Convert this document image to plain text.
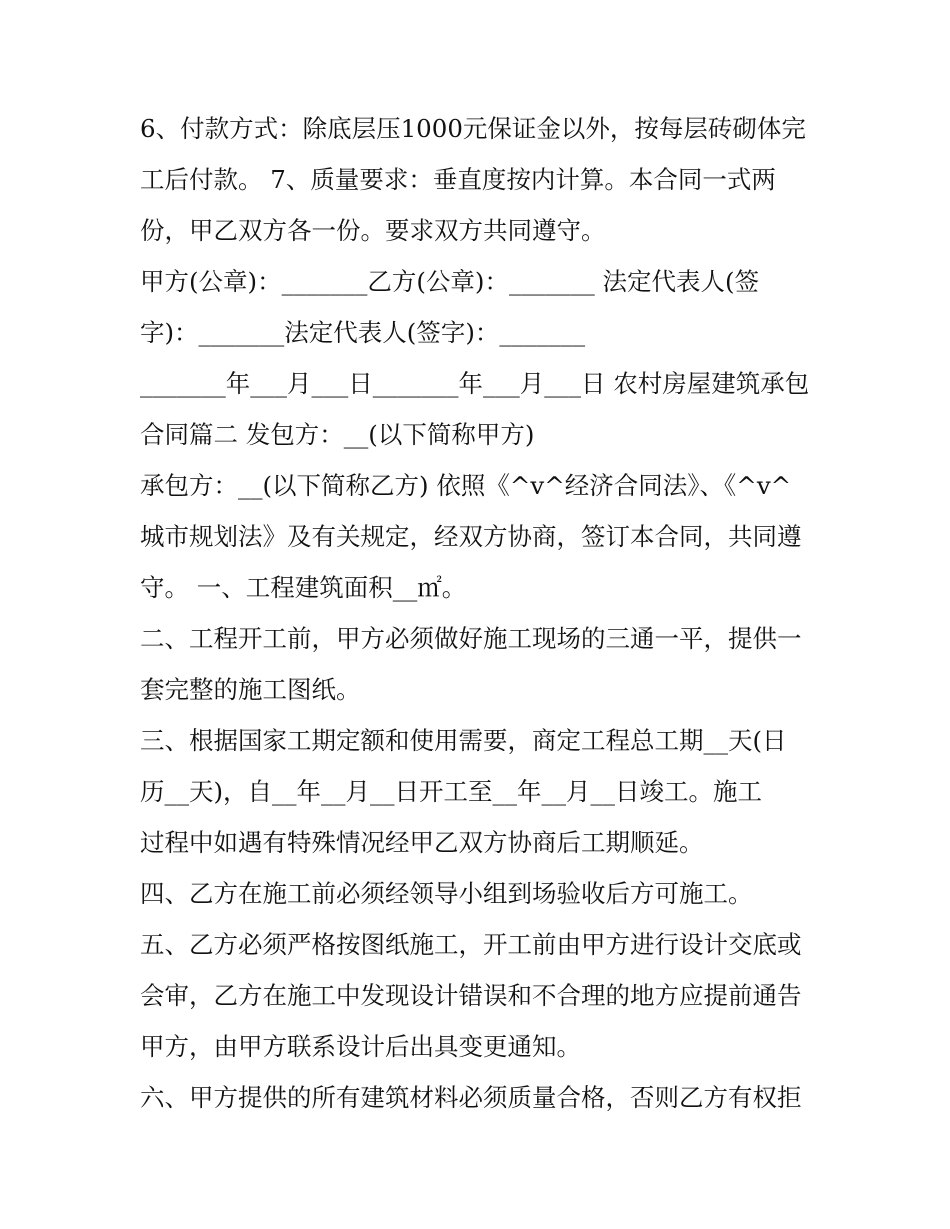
6、付款方式：除底层压1000元保证金以外，按每层砖砌体完
工后付款。 7、质量要求：垂直度按内计算。本合同一式两
份，甲乙双方各一份。要求双方共同遵守。
甲方(公章)：_______乙方(公章)：_______ 法定代表人(签
字)：_______法定代表人(签字)：_______
_______年___月___日_______年___月___日 农村房屋建筑承包
合同篇二 发包方：__(以下简称甲方)
承包方：__(以下简称乙方) 依照《^v^经济合同法》、《^v^
城市规划法》及有关规定，经双方协商，签订本合同，共同遵
守。 一、工程建筑面积__㎡。
二、工程开工前，甲方必须做好施工现场的三通一平，提供一
套完整的施工图纸。
三、根据国家工期定额和使用需要，商定工程总工期__天(日
历__天)，自__年__月__日开工至__年__月__日竣工。施工
过程中如遇有特殊情况经甲乙双方协商后工期顺延。
四、乙方在施工前必须经领导小组到场验收后方可施工。
五、乙方必须严格按图纸施工，开工前由甲方进行设计交底或
会审，乙方在施工中发现设计错误和不合理的地方应提前通告
甲方，由甲方联系设计后出具变更通知。
六、甲方提供的所有建筑材料必须质量合格，否则乙方有权拒
